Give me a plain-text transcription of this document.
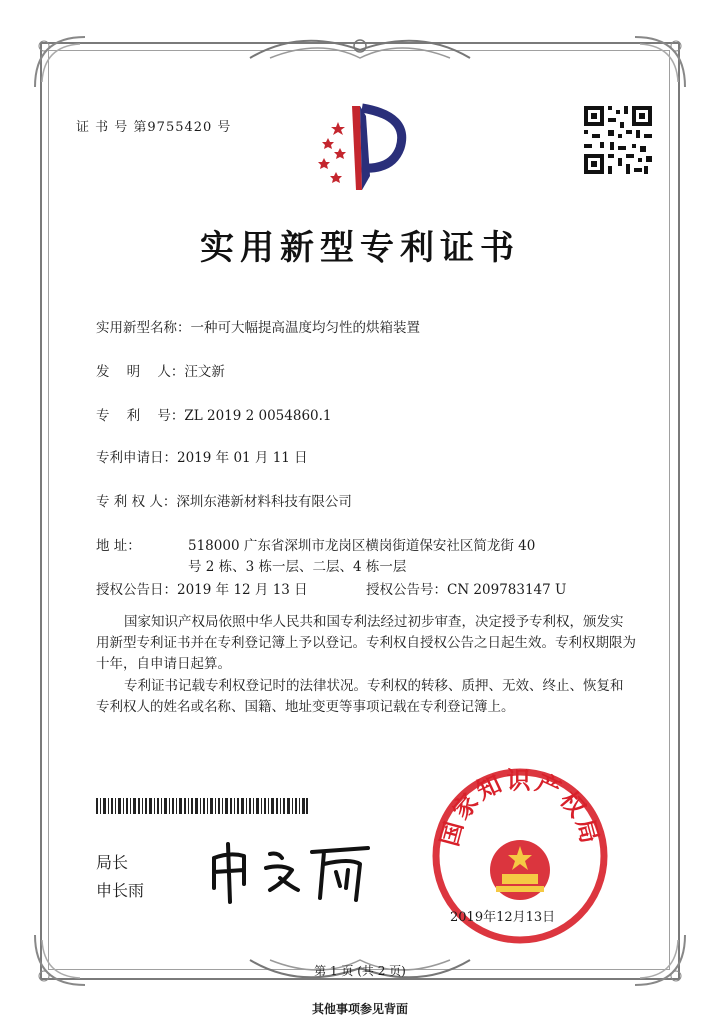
证 书 号 第9755420 号
实用新型专利证书
实用新型名称：一种可大幅提高温度均匀性的烘箱装置
发    明    人：汪文新
专    利    号：ZL 2019 2 0054860.1
专利申请日：2019 年 01 月 11 日
专 利 权 人：深圳东港新材料科技有限公司
地 址：	518000 广东省深圳市龙岗区横岗街道保安社区简龙街 40
号 2 栋、3 栋一层、二层、4 栋一层
授权公告日：2019 年 12 月 13 日	授权公告号：CN 209783147 U
国家知识产权局依照中华人民共和国专利法经过初步审查，决定授予专利权，颁发实用新型专利证书并在专利登记簿上予以登记。专利权自授权公告之日起生效。专利权期限为十年，自申请日起算。
专利证书记载专利权登记时的法律状况。专利权的转移、质押、无效、终止、恢复和专利权人的姓名或名称、国籍、地址变更等事项记载在专利登记簿上。
局长
申长雨
国家知识产权局
2019年12月13日
第 1 页 (共 2 页)
其他事项参见背面
